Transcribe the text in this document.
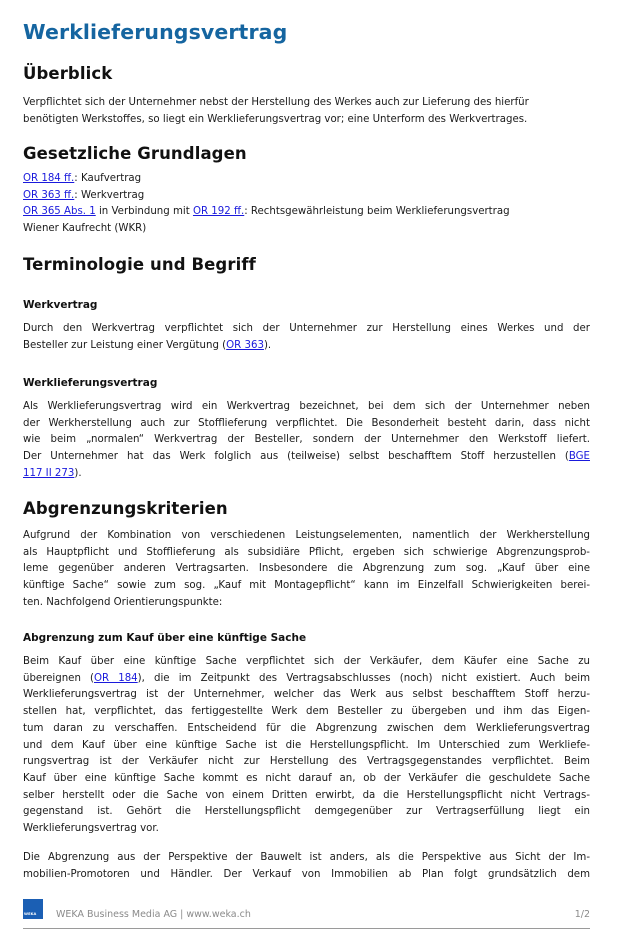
Werklieferungsvertrag
Überblick
Verpflichtet sich der Unternehmer nebst der Herstellung des Werkes auch zur Lieferung des hierfür
benötigten Werkstoffes, so liegt ein Werklieferungsvertrag vor; eine Unterform des Werkvertrages.
Gesetzliche Grundlagen
OR 184 ff.: Kaufvertrag
OR 363 ff.: Werkvertrag
OR 365 Abs. 1 in Verbindung mit OR 192 ff.: Rechtsgewährleistung beim Werklieferungsvertrag
Wiener Kaufrecht (WKR)
Terminologie und Begriff
Werkvertrag
Durch den Werkvertrag verpflichtet sich der Unternehmer zur Herstellung eines Werkes und der
Besteller zur Leistung einer Vergütung (OR 363).
Werklieferungsvertrag
Als Werklieferungsvertrag wird ein Werkvertrag bezeichnet, bei dem sich der Unternehmer neben
der Werkherstellung auch zur Stofflieferung verpflichtet. Die Besonderheit besteht darin, dass nicht
wie beim „normalen“ Werkvertrag der Besteller, sondern der Unternehmer den Werkstoff liefert.
Der Unternehmer hat das Werk folglich aus (teilweise) selbst beschafftem Stoff herzustellen (BGE
117 II 273).
Abgrenzungskriterien
Aufgrund der Kombination von verschiedenen Leistungselementen, namentlich der Werkherstellung
als Hauptpflicht und Stofflieferung als subsidiäre Pflicht, ergeben sich schwierige Abgrenzungsprob-
leme gegenüber anderen Vertragsarten. Insbesondere die Abgrenzung zum sog. „Kauf über eine
künftige Sache“ sowie zum sog. „Kauf mit Montagepflicht“ kann im Einzelfall Schwierigkeiten berei-
ten. Nachfolgend Orientierungspunkte:
Abgrenzung zum Kauf über eine künftige Sache
Beim Kauf über eine künftige Sache verpflichtet sich der Verkäufer, dem Käufer eine Sache zu
übereignen (OR 184), die im Zeitpunkt des Vertragsabschlusses (noch) nicht existiert. Auch beim
Werklieferungsvertrag ist der Unternehmer, welcher das Werk aus selbst beschafftem Stoff herzu-
stellen hat, verpflichtet, das fertiggestellte Werk dem Besteller zu übergeben und ihm das Eigen-
tum daran zu verschaffen. Entscheidend für die Abgrenzung zwischen dem Werklieferungsvertrag
und dem Kauf über eine künftige Sache ist die Herstellungspflicht. Im Unterschied zum Werkliefe-
rungsvertrag ist der Verkäufer nicht zur Herstellung des Vertragsgegenstandes verpflichtet. Beim
Kauf über eine künftige Sache kommt es nicht darauf an, ob der Verkäufer die geschuldete Sache
selber herstellt oder die Sache von einem Dritten erwirbt, da die Herstellungspflicht nicht Vertrags-
gegenstand ist. Gehört die Herstellungspflicht demgegenüber zur Vertragserfüllung liegt ein
Werklieferungsvertrag vor.
Die Abgrenzung aus der Perspektive der Bauwelt ist anders, als die Perspektive aus Sicht der Im-
mobilien-Promotoren und Händler. Der Verkauf von Immobilien ab Plan folgt grundsätzlich dem
WEKA WEKA Business Media AG | www.weka.ch	1/2
